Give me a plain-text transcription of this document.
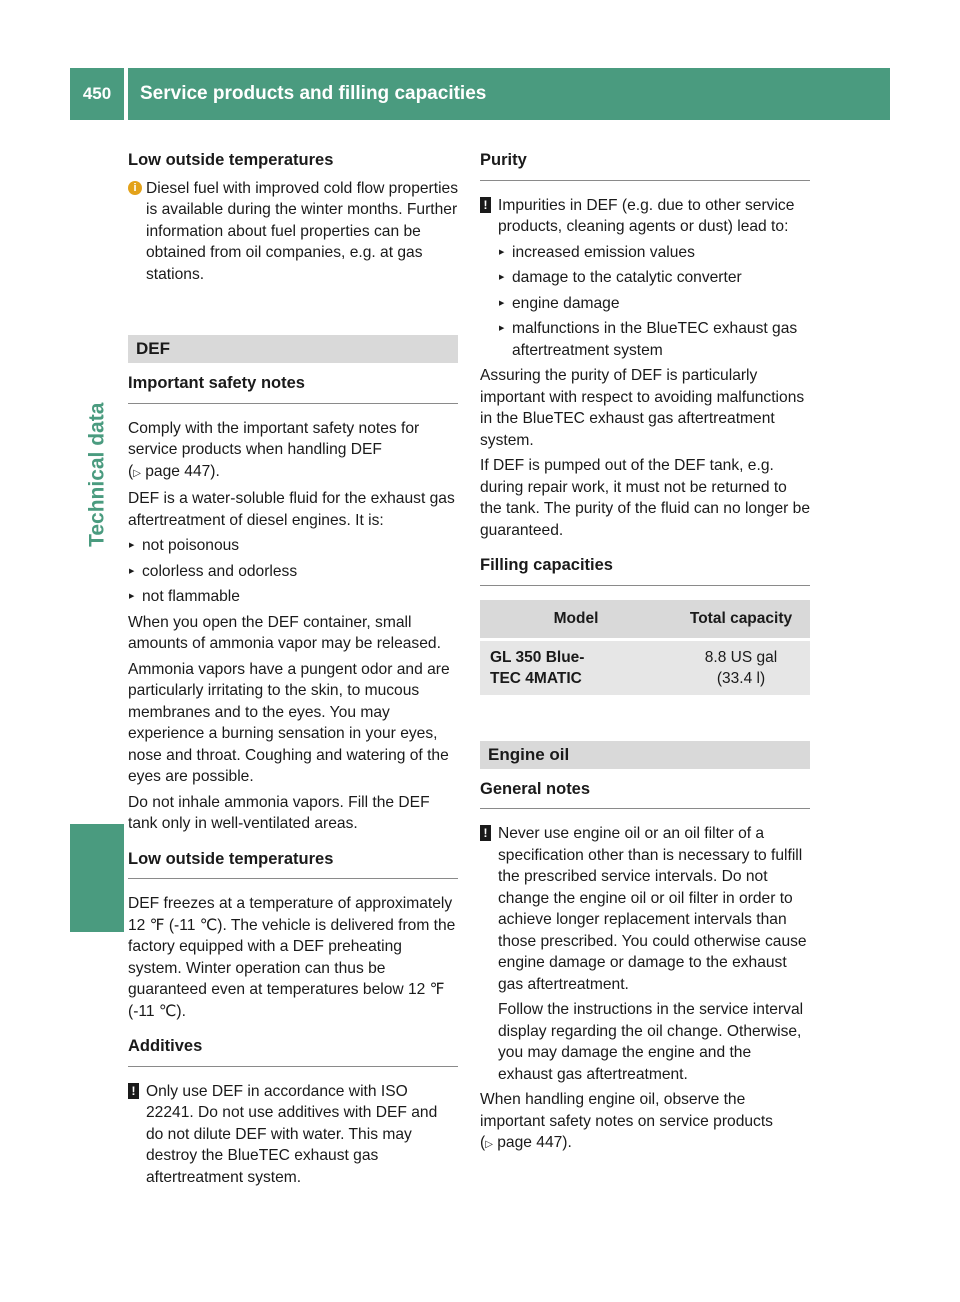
450	Service products and filling capacities
Technical data
Low outside temperatures
i Diesel fuel with improved cold flow properties is available during the winter months. Further information about fuel properties can be obtained from oil companies, e.g. at gas stations.

DEF
Important safety notes

Comply with the important safety notes for service products when handling DEF
(▷ page 447).

DEF is a water-soluble fluid for the exhaust gas aftertreatment of diesel engines. It is:

▶ not poisonous
▶ colorless and odorless
▶ not flammable

When you open the DEF container, small amounts of ammonia vapor may be released.

Ammonia vapors have a pungent odor and are particularly irritating to the skin, to mucous membranes and to the eyes. You may experience a burning sensation in your eyes, nose and throat. Coughing and watering of the eyes are possible.

Do not inhale ammonia vapors. Fill the DEF tank only in well-ventilated areas.

Low outside temperatures

DEF freezes at a temperature of approximately 12 ℉ (-11 ℃). The vehicle is delivered from the factory equipped with a DEF preheating system. Winter operation can thus be guaranteed even at temperatures below 12 ℉ (-11 ℃).

Additives
! Only use DEF in accordance with ISO 22241. Do not use additives with DEF and do not dilute DEF with water. This may destroy the BlueTEC exhaust gas aftertreatment system.

Purity
! Impurities in DEF (e.g. due to other service products, cleaning agents or dust) lead to:

▶ increased emission values
▶ damage to the catalytic converter
▶ engine damage
▶ malfunctions in the BlueTEC exhaust gas aftertreatment system

Assuring the purity of DEF is particularly important with respect to avoiding malfunctions in the BlueTEC exhaust gas aftertreatment system.

If DEF is pumped out of the DEF tank, e.g. during repair work, it must not be returned to the tank. The purity of the fluid can no longer be guaranteed.

Filling capacities
Model	Total capacity
GL 350 Blue-
TEC 4MATIC	8.8 US gal
(33.4 l)
Engine oil
General notes
! Never use engine oil or an oil filter of a specification other than is necessary to fulfill the prescribed service intervals. Do not change the engine oil or oil filter in order to achieve longer replacement intervals than those prescribed. You could otherwise cause engine damage or damage to the exhaust gas aftertreatment.

Follow the instructions in the service interval display regarding the oil change. Otherwise, you may damage the engine and the exhaust gas aftertreatment.

When handling engine oil, observe the important safety notes on service products
(▷ page 447).
